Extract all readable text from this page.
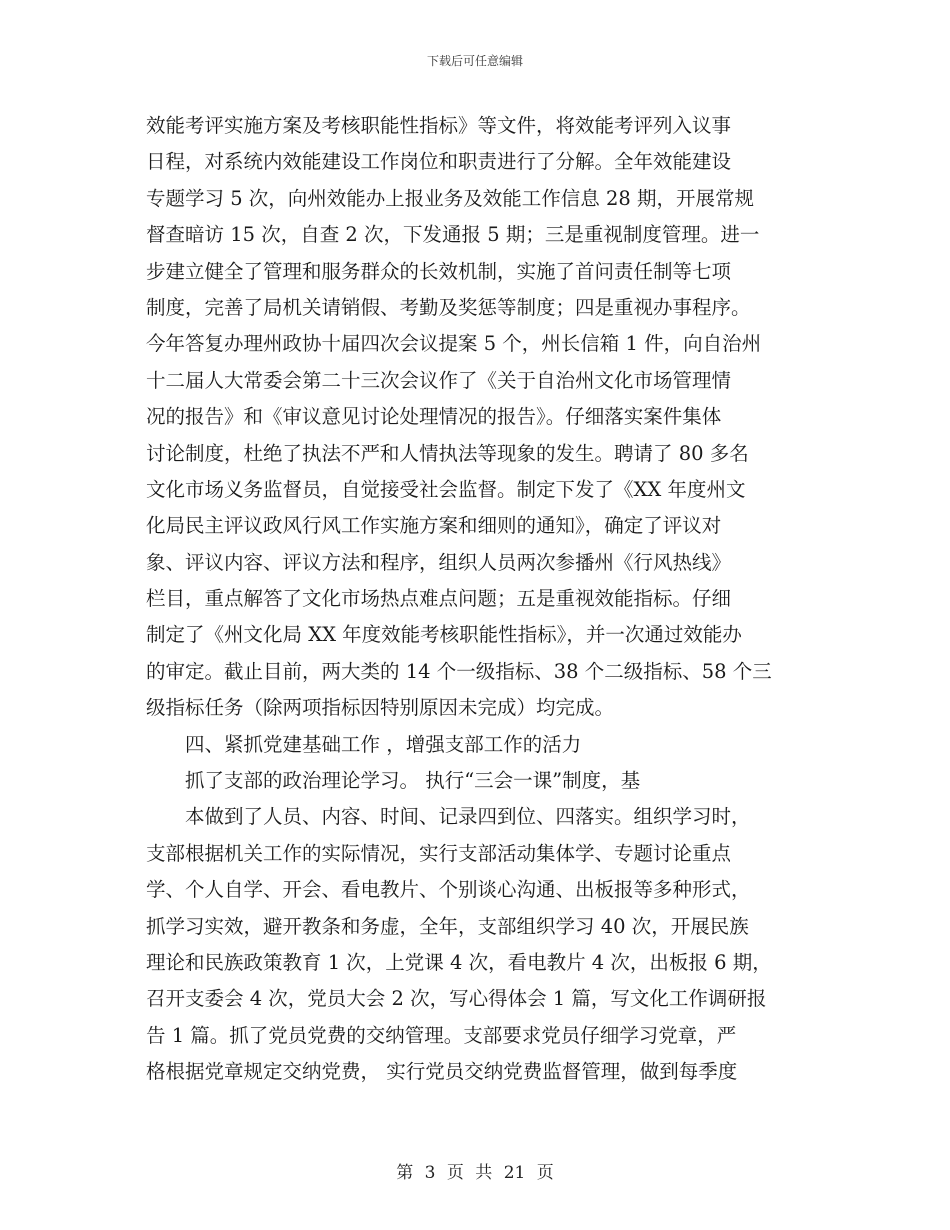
下载后可任意编辑
效能考评实施方案及考核职能性指标》等文件，将效能考评列入议事
日程，对系统内效能建设工作岗位和职责进行了分解。全年效能建设
专题学习 5 次，向州效能办上报业务及效能工作信息 28 期，开展常规
督查暗访 15 次，自查 2 次，下发通报 5 期；三是重视制度管理。进一
步建立健全了管理和服务群众的长效机制，实施了首问责任制等七项
制度，完善了局机关请销假、考勤及奖惩等制度；四是重视办事程序。
今年答复办理州政协十届四次会议提案 5 个，州长信箱 1 件，向自治州
十二届人大常委会第二十三次会议作了《关于自治州文化市场管理情
况的报告》和《审议意见讨论处理情况的报告》。仔细落实案件集体
讨论制度，杜绝了执法不严和人情执法等现象的发生。聘请了 80 多名
文化市场义务监督员，自觉接受社会监督。制定下发了《XX 年度州文
化局民主评议政风行风工作实施方案和细则的通知》，确定了评议对
象、评议内容、评议方法和程序，组织人员两次参播州《行风热线》
栏目，重点解答了文化市场热点难点问题；五是重视效能指标。仔细
制定了《州文化局 XX 年度效能考核职能性指标》，并一次通过效能办
的审定。截止目前，两大类的 14 个一级指标、38 个二级指标、58 个三
级指标任务（除两项指标因特别原因未完成）均完成。
四、紧抓党建基础工作 ，增强支部工作的活力
抓了支部的政治理论学习。 执行“三会一课”制度，基
本做到了人员、内容、时间、记录四到位、四落实。组织学习时，
支部根据机关工作的实际情况，实行支部活动集体学、专题讨论重点
学、个人自学、开会、看电教片、个别谈心沟通、出板报等多种形式，
抓学习实效，避开教条和务虚，全年，支部组织学习 40 次，开展民族
理论和民族政策教育 1 次，上党课 4 次，看电教片 4 次，出板报 6 期，
召开支委会 4 次，党员大会 2 次，写心得体会 1 篇，写文化工作调研报
告 1 篇。抓了党员党费的交纳管理。支部要求党员仔细学习党章，严
格根据党章规定交纳党费， 实行党员交纳党费监督管理，做到每季度
第 3 页 共 21 页
